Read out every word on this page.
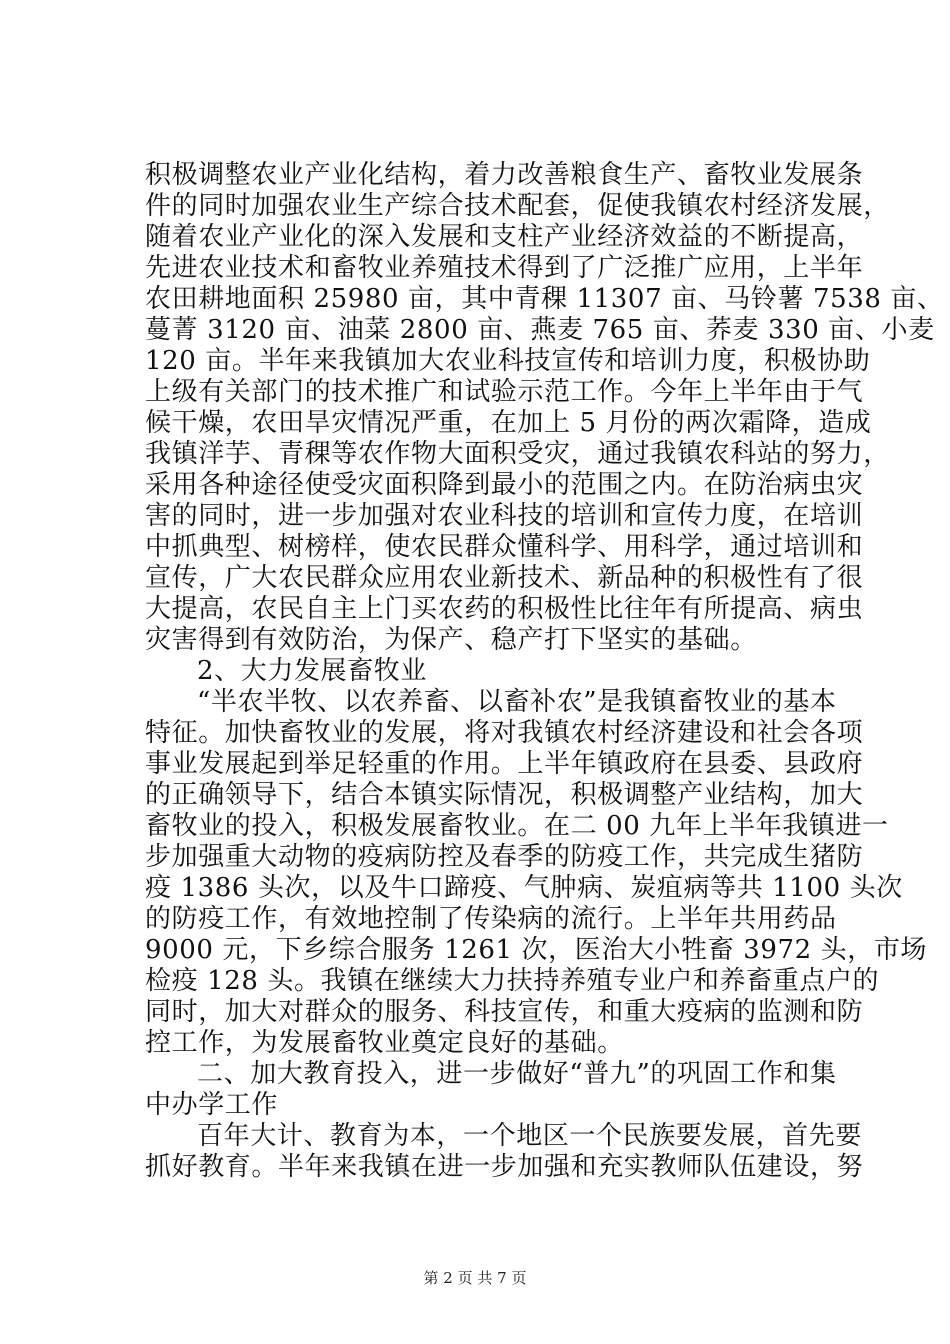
积极调整农业产业化结构，着力改善粮食生产、畜牧业发展条
件的同时加强农业生产综合技术配套，促使我镇农村经济发展，
随着农业产业化的深入发展和支柱产业经济效益的不断提高，
先进农业技术和畜牧业养殖技术得到了广泛推广应用，上半年
农田耕地面积 25980 亩，其中青稞 11307 亩、马铃薯 7538 亩、
蔓菁 3120 亩、油菜 2800 亩、燕麦 765 亩、荞麦 330 亩、小麦
120 亩。半年来我镇加大农业科技宣传和培训力度，积极协助
上级有关部门的技术推广和试验示范工作。今年上半年由于气
候干燥，农田旱灾情况严重，在加上 5 月份的两次霜降，造成
我镇洋芋、青稞等农作物大面积受灾，通过我镇农科站的努力，
采用各种途径使受灾面积降到最小的范围之内。在防治病虫灾
害的同时，进一步加强对农业科技的培训和宣传力度，在培训
中抓典型、树榜样，使农民群众懂科学、用科学，通过培训和
宣传，广大农民群众应用农业新技术、新品种的积极性有了很
大提高，农民自主上门买农药的积极性比往年有所提高、病虫
灾害得到有效防治，为保产、稳产打下坚实的基础。
2、大力发展畜牧业
“半农半牧、以农养畜、以畜补农”是我镇畜牧业的基本
特征。加快畜牧业的发展，将对我镇农村经济建设和社会各项
事业发展起到举足轻重的作用。上半年镇政府在县委、县政府
的正确领导下，结合本镇实际情况，积极调整产业结构，加大
畜牧业的投入，积极发展畜牧业。在二 00 九年上半年我镇进一
步加强重大动物的疫病防控及春季的防疫工作，共完成生猪防
疫 1386 头次，以及牛口蹄疫、气肿病、炭疽病等共 1100 头次
的防疫工作，有效地控制了传染病的流行。上半年共用药品
9000 元，下乡综合服务 1261 次，医治大小牲畜 3972 头，市场
检疫 128 头。我镇在继续大力扶持养殖专业户和养畜重点户的
同时，加大对群众的服务、科技宣传，和重大疫病的监测和防
控工作，为发展畜牧业奠定良好的基础。
二、加大教育投入，进一步做好“普九”的巩固工作和集
中办学工作
百年大计、教育为本，一个地区一个民族要发展，首先要
抓好教育。半年来我镇在进一步加强和充实教师队伍建设，努
第 2 页 共 7 页
